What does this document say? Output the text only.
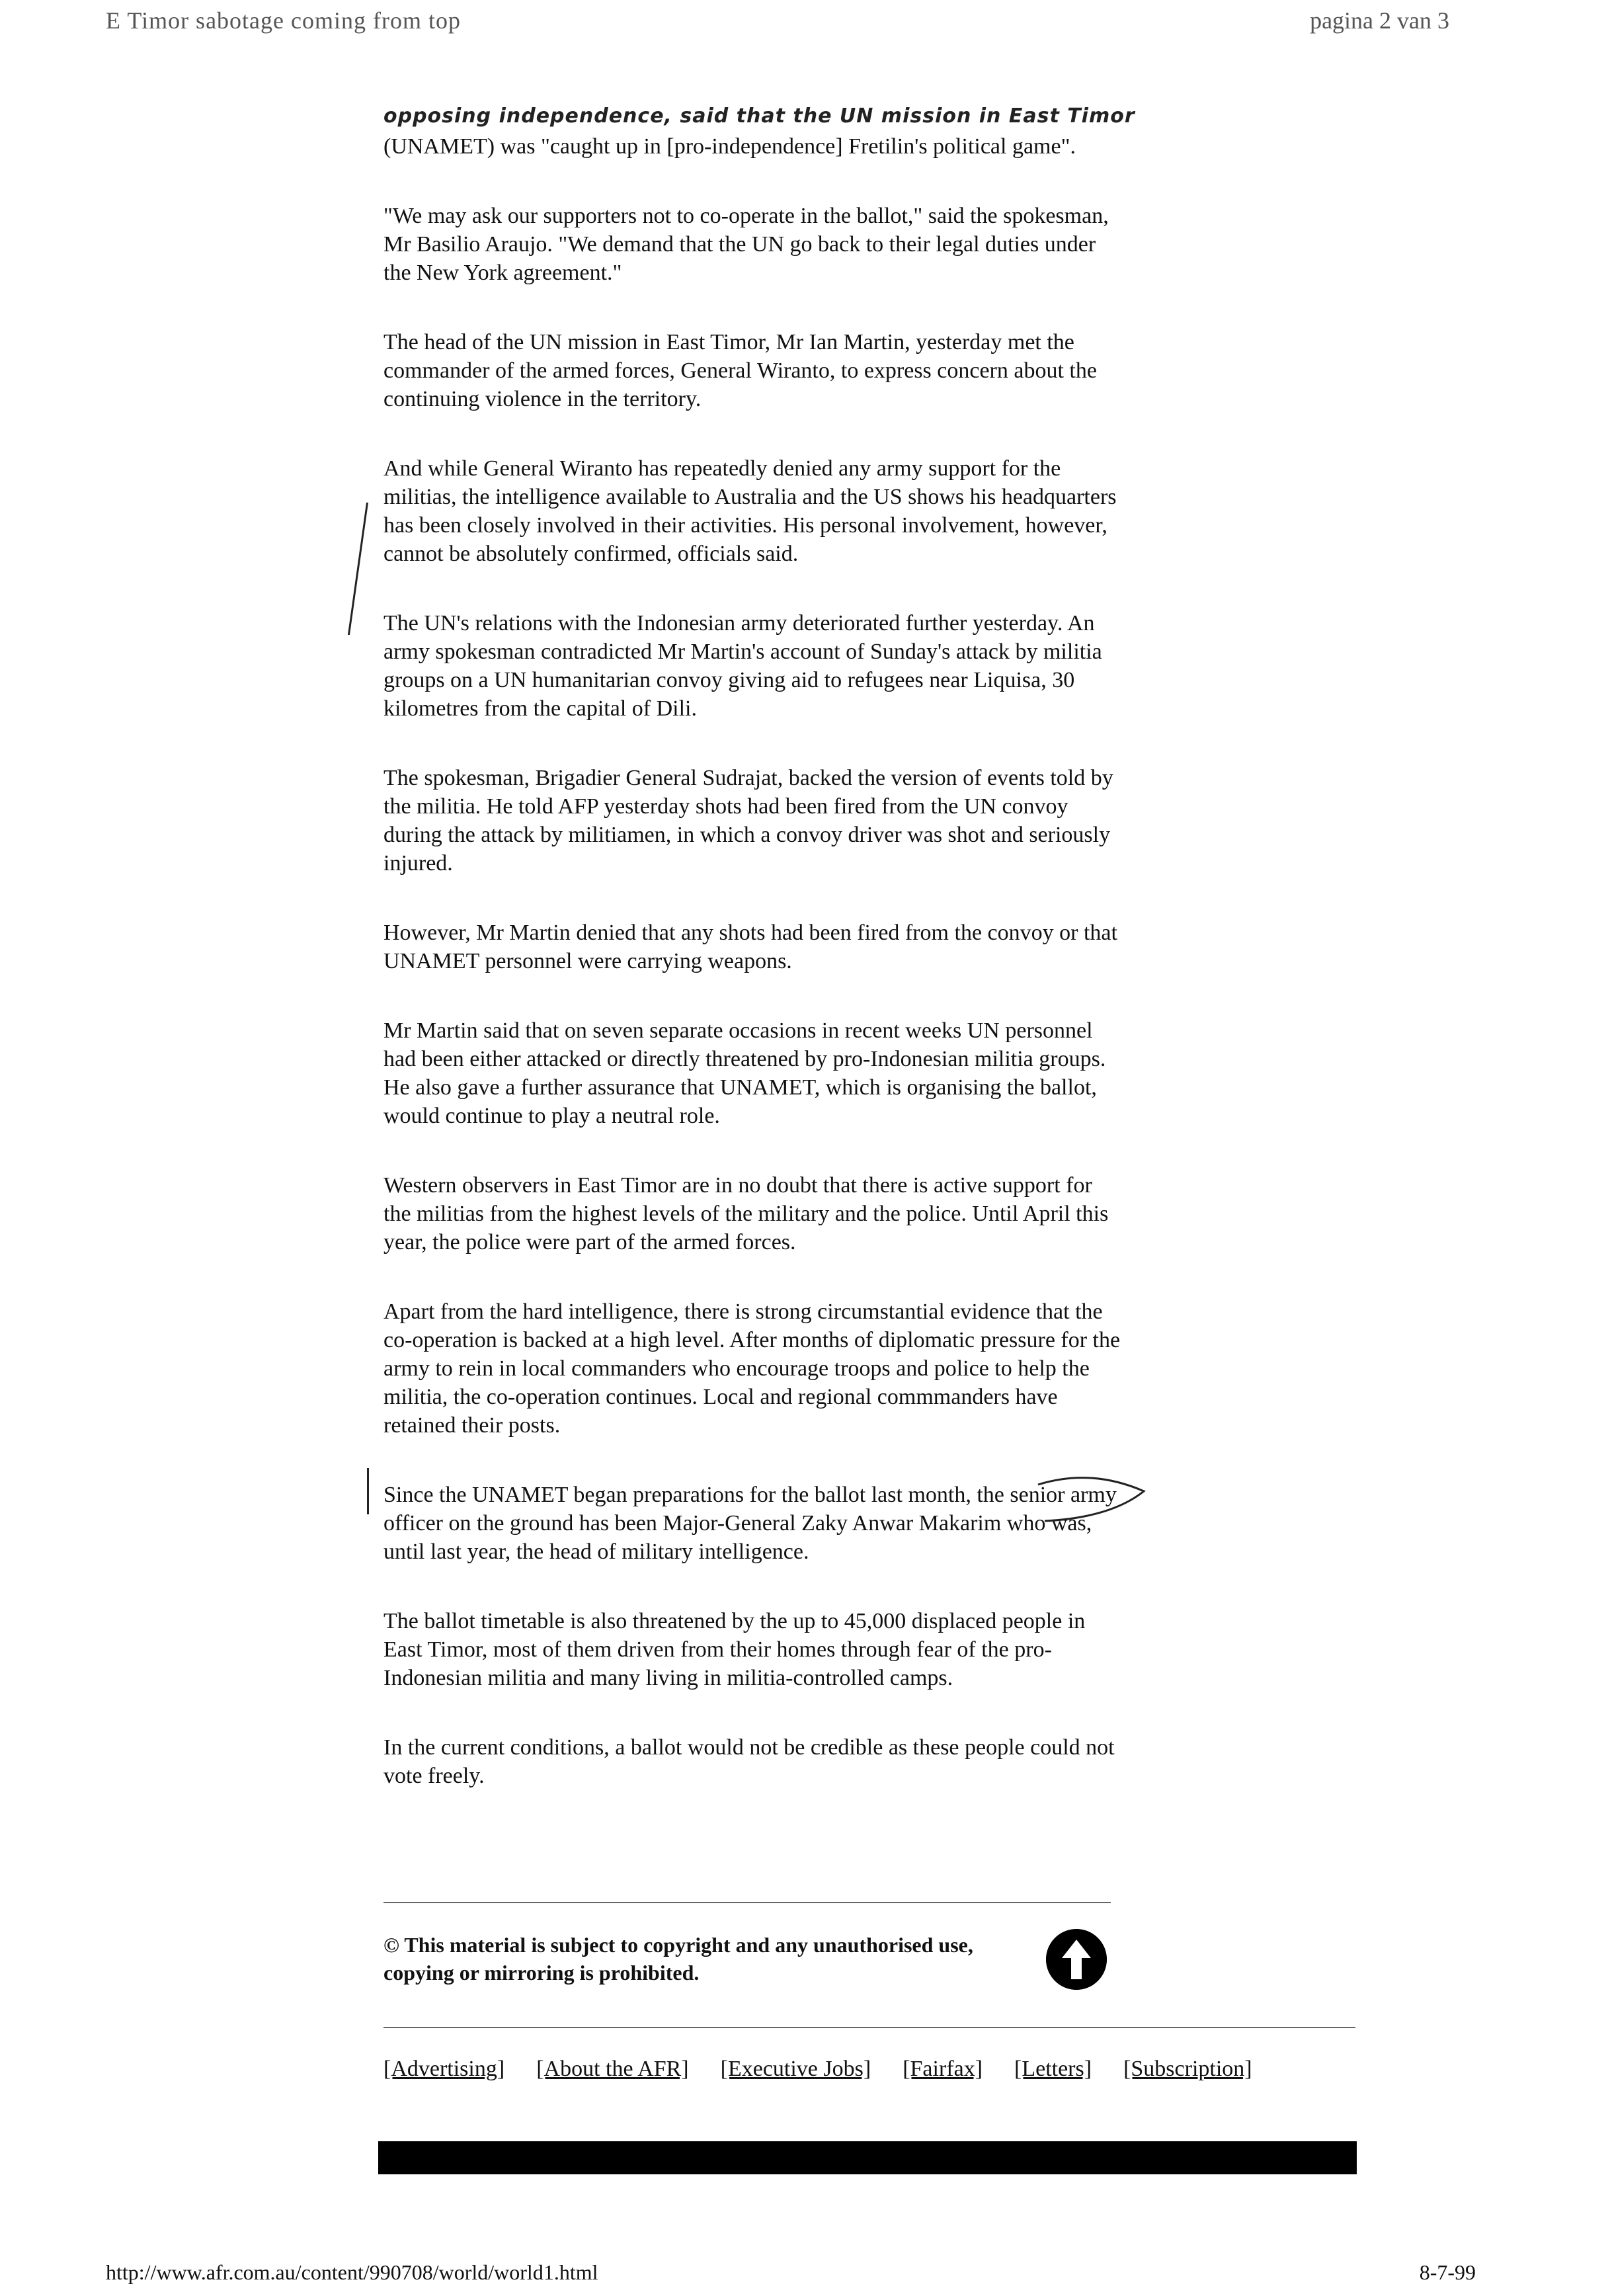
E Timor sabotage coming from top	pagina 2 van 3
opposing independence, said that the UN mission in East Timor

(UNAMET) was "caught up in [pro-independence] Fretilin's political game".

"We may ask our supporters not to co-operate in the ballot," said the spokesman, Mr Basilio Araujo. "We demand that the UN go back to their legal duties under the New York agreement."

The head of the UN mission in East Timor, Mr Ian Martin, yesterday met the commander of the armed forces, General Wiranto, to express concern about the continuing violence in the territory.

And while General Wiranto has repeatedly denied any army support for the militias, the intelligence available to Australia and the US shows his headquarters has been closely involved in their activities. His personal involvement, however, cannot be absolutely confirmed, officials said.

The UN's relations with the Indonesian army deteriorated further yesterday. An army spokesman contradicted Mr Martin's account of Sunday's attack by militia groups on a UN humanitarian convoy giving aid to refugees near Liquisa, 30 kilometres from the capital of Dili.

The spokesman, Brigadier General Sudrajat, backed the version of events told by the militia. He told AFP yesterday shots had been fired from the UN convoy during the attack by militiamen, in which a convoy driver was shot and seriously injured.

However, Mr Martin denied that any shots had been fired from the convoy or that UNAMET personnel were carrying weapons.

Mr Martin said that on seven separate occasions in recent weeks UN personnel had been either attacked or directly threatened by pro-Indonesian militia groups. He also gave a further assurance that UNAMET, which is organising the ballot, would continue to play a neutral role.

Western observers in East Timor are in no doubt that there is active support for the militias from the highest levels of the military and the police. Until April this year, the police were part of the armed forces.

Apart from the hard intelligence, there is strong circumstantial evidence that the co-operation is backed at a high level. After months of diplomatic pressure for the army to rein in local commanders who encourage troops and police to help the militia, the co-operation continues. Local and regional commmanders have retained their posts.

Since the UNAMET began preparations for the ballot last month, the senior army officer on the ground has been Major-General Zaky Anwar Makarim who was, until last year, the head of military intelligence.

The ballot timetable is also threatened by the up to 45,000 displaced people in East Timor, most of them driven from their homes through fear of the pro-Indonesian militia and many living in militia-controlled camps.

In the current conditions, a ballot would not be credible as these people could not vote freely.

© This material is subject to copyright and any unauthorised use, copying or mirroring is prohibited.
[Advertising] [About the AFR] [Executive Jobs] [Fairfax] [Letters] [Subscription]
http://www.afr.com.au/content/990708/world/world1.html	8-7-99
